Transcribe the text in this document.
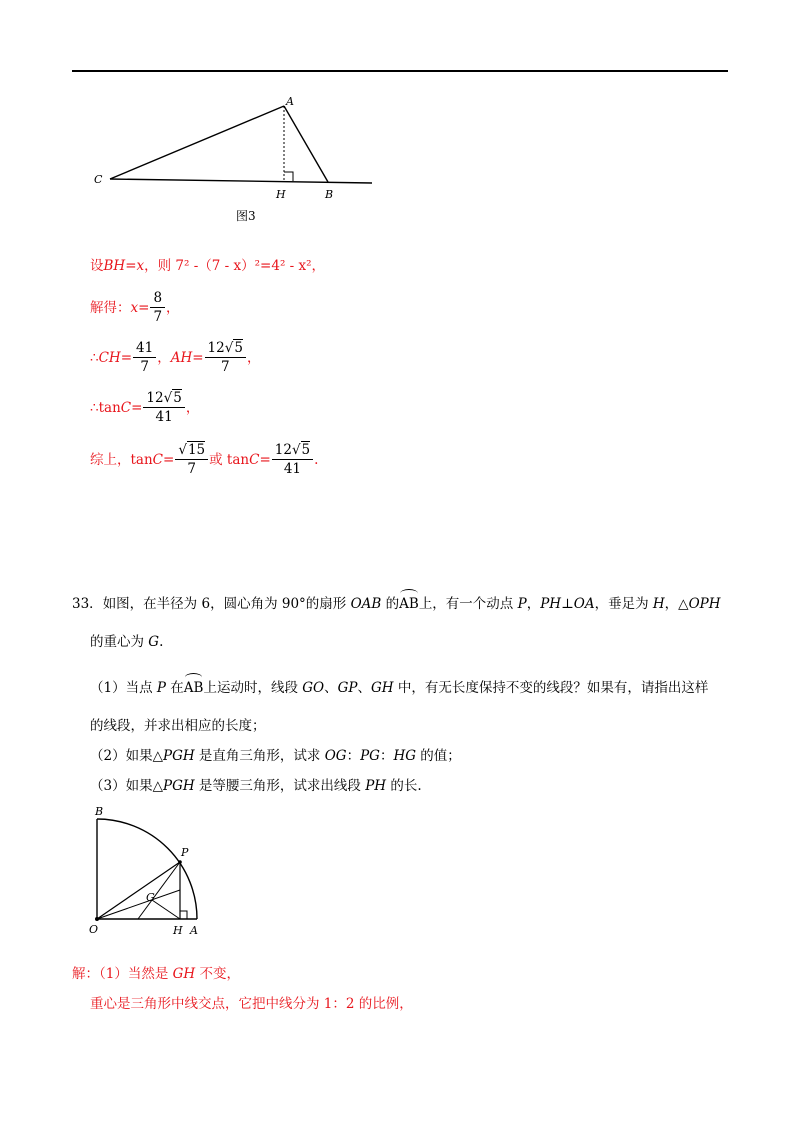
A
C
H	B
图3
设BH=x，则 7² -（7 - x）²=4² - x²，
解得： $x = \frac{8}{7}$ ，
∴ CH = $\frac{41}{7}$ ， AH = $\frac{12√5}{7}$ ，
∴tan $C = \frac{12√5}{41}$ ，
综上，$\tan C = \frac{√15}{7}$ 或 $\tan C = \frac{12√5}{41}$ .
33．如图，在半径为 6，圆心角为 90°的扇形 OAB 的AB上，有一个动点 P，PH⊥OA，垂足为 H，△OPH
的重心为 G.
（1）当点 P 在AB上运动时，线段 GO、GP、GH 中，有无长度保持不变的线段？如果有，请指出这样
的线段，并求出相应的长度；
（2）如果△PGH 是直角三角形，试求 OG：PG：HG 的值；
（3）如果△PGH 是等腰三角形，试求出线段 PH 的长.
B
P
G
O	H A
解：（1）当然是 GH 不变，
重心是三角形中线交点，它把中线分为 1：2 的比例，
